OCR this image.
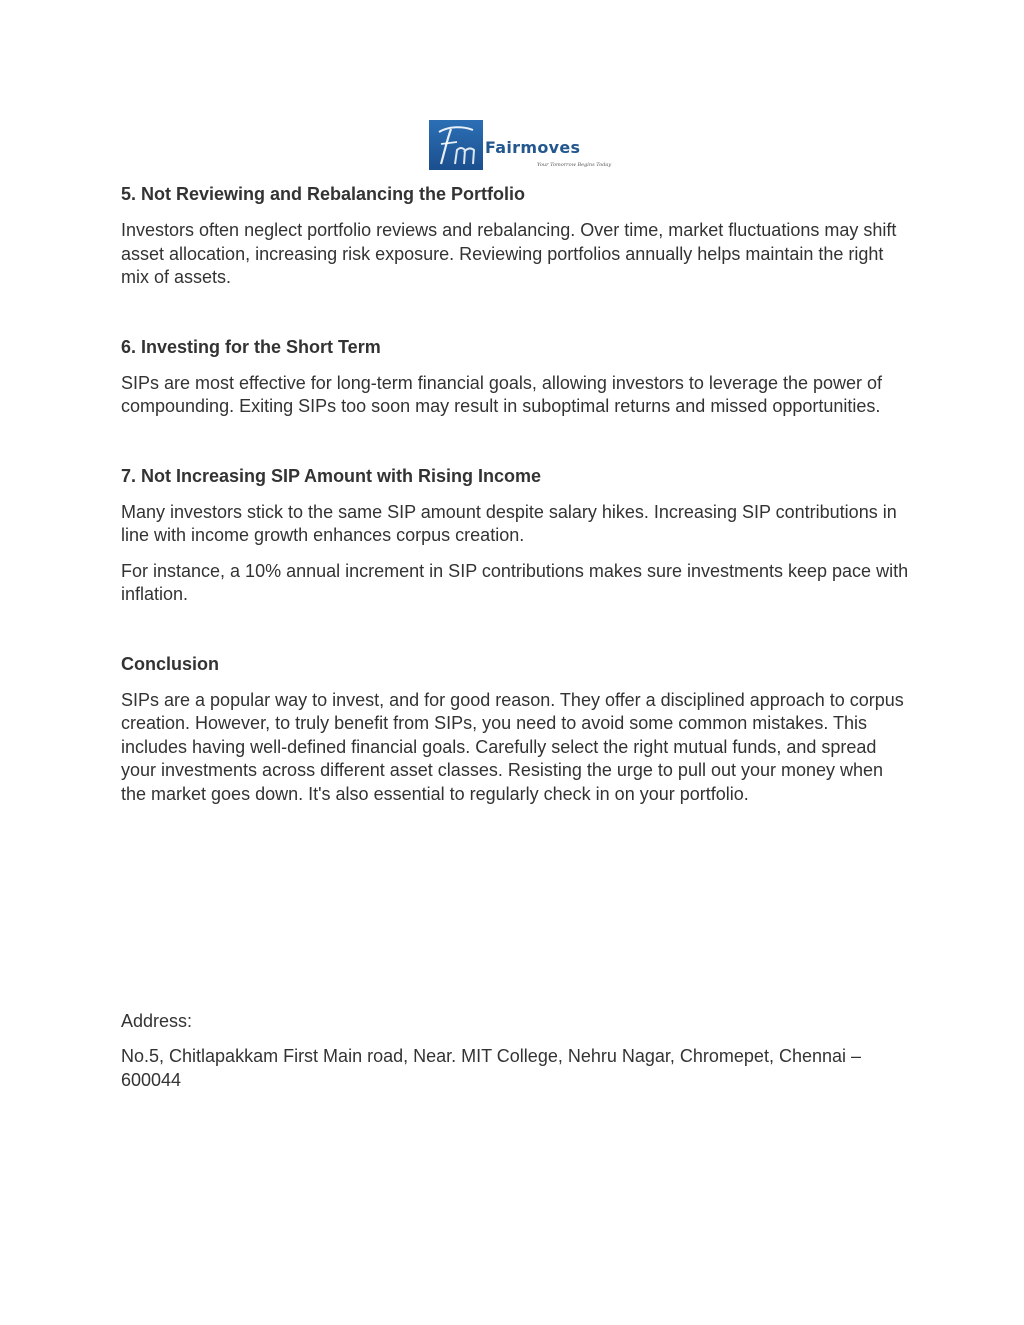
Fairmoves
Your Tomorrow Begins Today
5. Not Reviewing and Rebalancing the Portfolio

Investors often neglect portfolio reviews and rebalancing. Over time, market fluctuations may shift asset allocation, increasing risk exposure. Reviewing portfolios annually helps maintain the right mix of assets.

6. Investing for the Short Term

SIPs are most effective for long-term financial goals, allowing investors to leverage the power of compounding. Exiting SIPs too soon may result in suboptimal returns and missed opportunities.

7. Not Increasing SIP Amount with Rising Income

Many investors stick to the same SIP amount despite salary hikes. Increasing SIP contributions in line with income growth enhances corpus creation.

For instance, a 10% annual increment in SIP contributions makes sure investments keep pace with inflation.

Conclusion

SIPs are a popular way to invest, and for good reason. They offer a disciplined approach to corpus creation. However, to truly benefit from SIPs, you need to avoid some common mistakes. This includes having well-defined financial goals. Carefully select the right mutual funds, and spread your investments across different asset classes. Resisting the urge to pull out your money when the market goes down. It's also essential to regularly check in on your portfolio.

Address:

No.5, Chitlapakkam First Main road, Near. MIT College, Nehru Nagar, Chromepet, Chennai – 600044
